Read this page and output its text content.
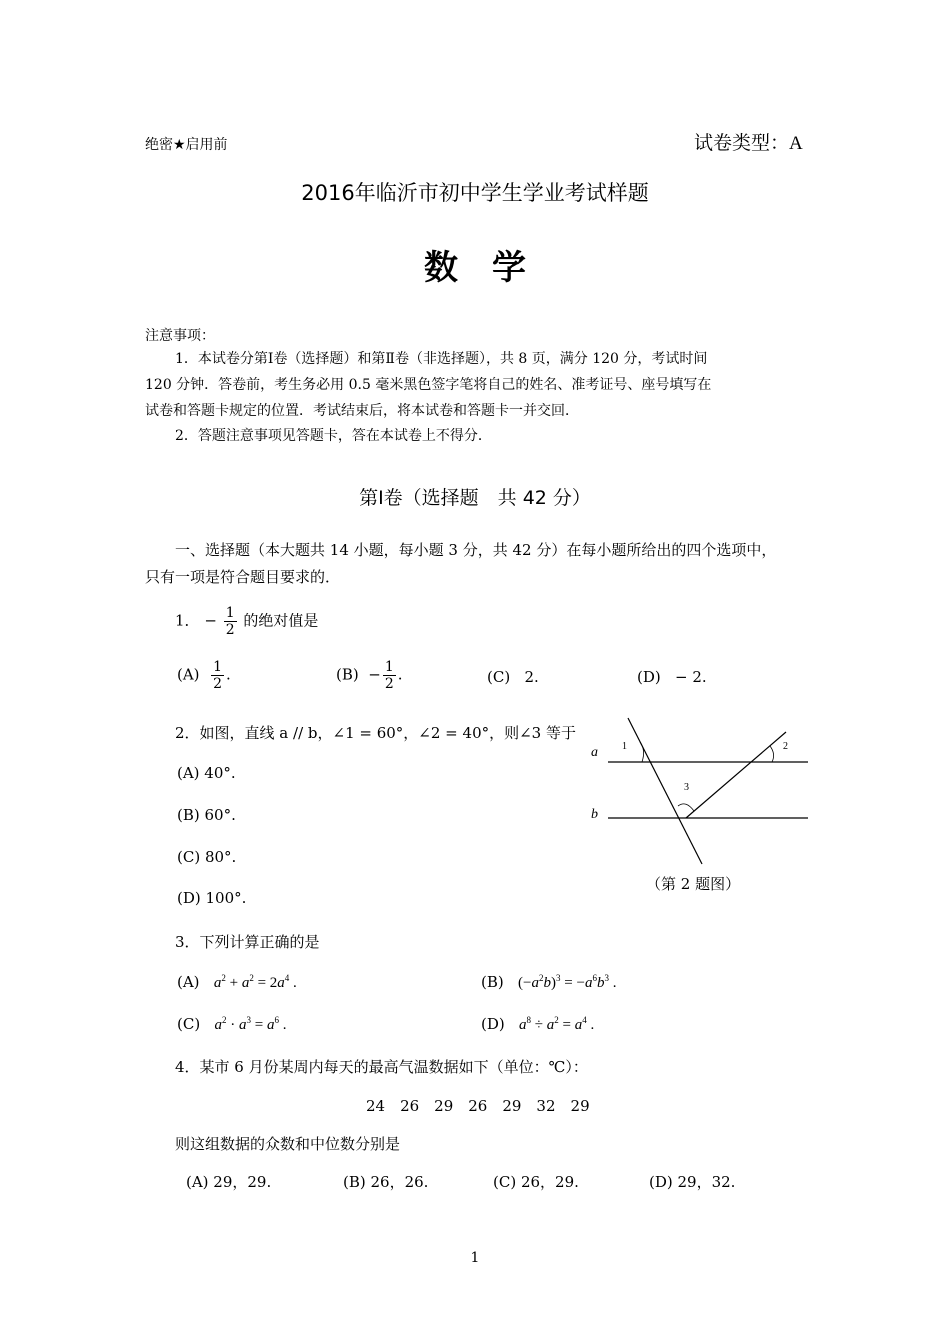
绝密★启用前	试卷类型：A
2016年临沂市初中学生学业考试样题
数　学
注意事项：
1．本试卷分第Ⅰ卷（选择题）和第Ⅱ卷（非选择题），共 8 页，满分 120 分，考试时间
120 分钟．答卷前，考生务必用 0.5 毫米黑色签字笔将自己的姓名、准考证号、座号填写在
试卷和答题卡规定的位置．考试结束后，将本试卷和答题卡一并交回．
2．答题注意事项见答题卡，答在本试卷上不得分．
第Ⅰ卷（选择题　共 42 分）
一、选择题（本大题共 14 小题，每小题 3 分，共 42 分）在每小题所给出的四个选项中，
只有一项是符合题目要求的．
1． − $\frac{1}{2}$ 的绝对值是
$(A) \frac{1}{2}$ .	$(B) - \frac{1}{2}$ .	(C) 2.	(D) − 2.
2．如图，直线 a // b，∠1 = 60°，∠2 = 40°，则∠3 等于
(A) 40°.
(B) 60°.
(C) 80°.
(D) 100°.
a
b
1	2
3
（第 2 题图）
3．下列计算正确的是
(A) $a^2 + a^2 = 2a^4$ .	(B) $(-a^2b)^3 = -a^6b^3$ .
(C) $a^2 \cdot a^3 = a^6$ .	(D) $a^8 \div a^2 = a^4$ .
4．某市 6 月份某周内每天的最高气温数据如下（单位：℃）：
24　26　29　26　29　32　29
则这组数据的众数和中位数分别是
(A) 29，29.	(B) 26，26.	(C) 26，29.	(D) 29，32.
1
